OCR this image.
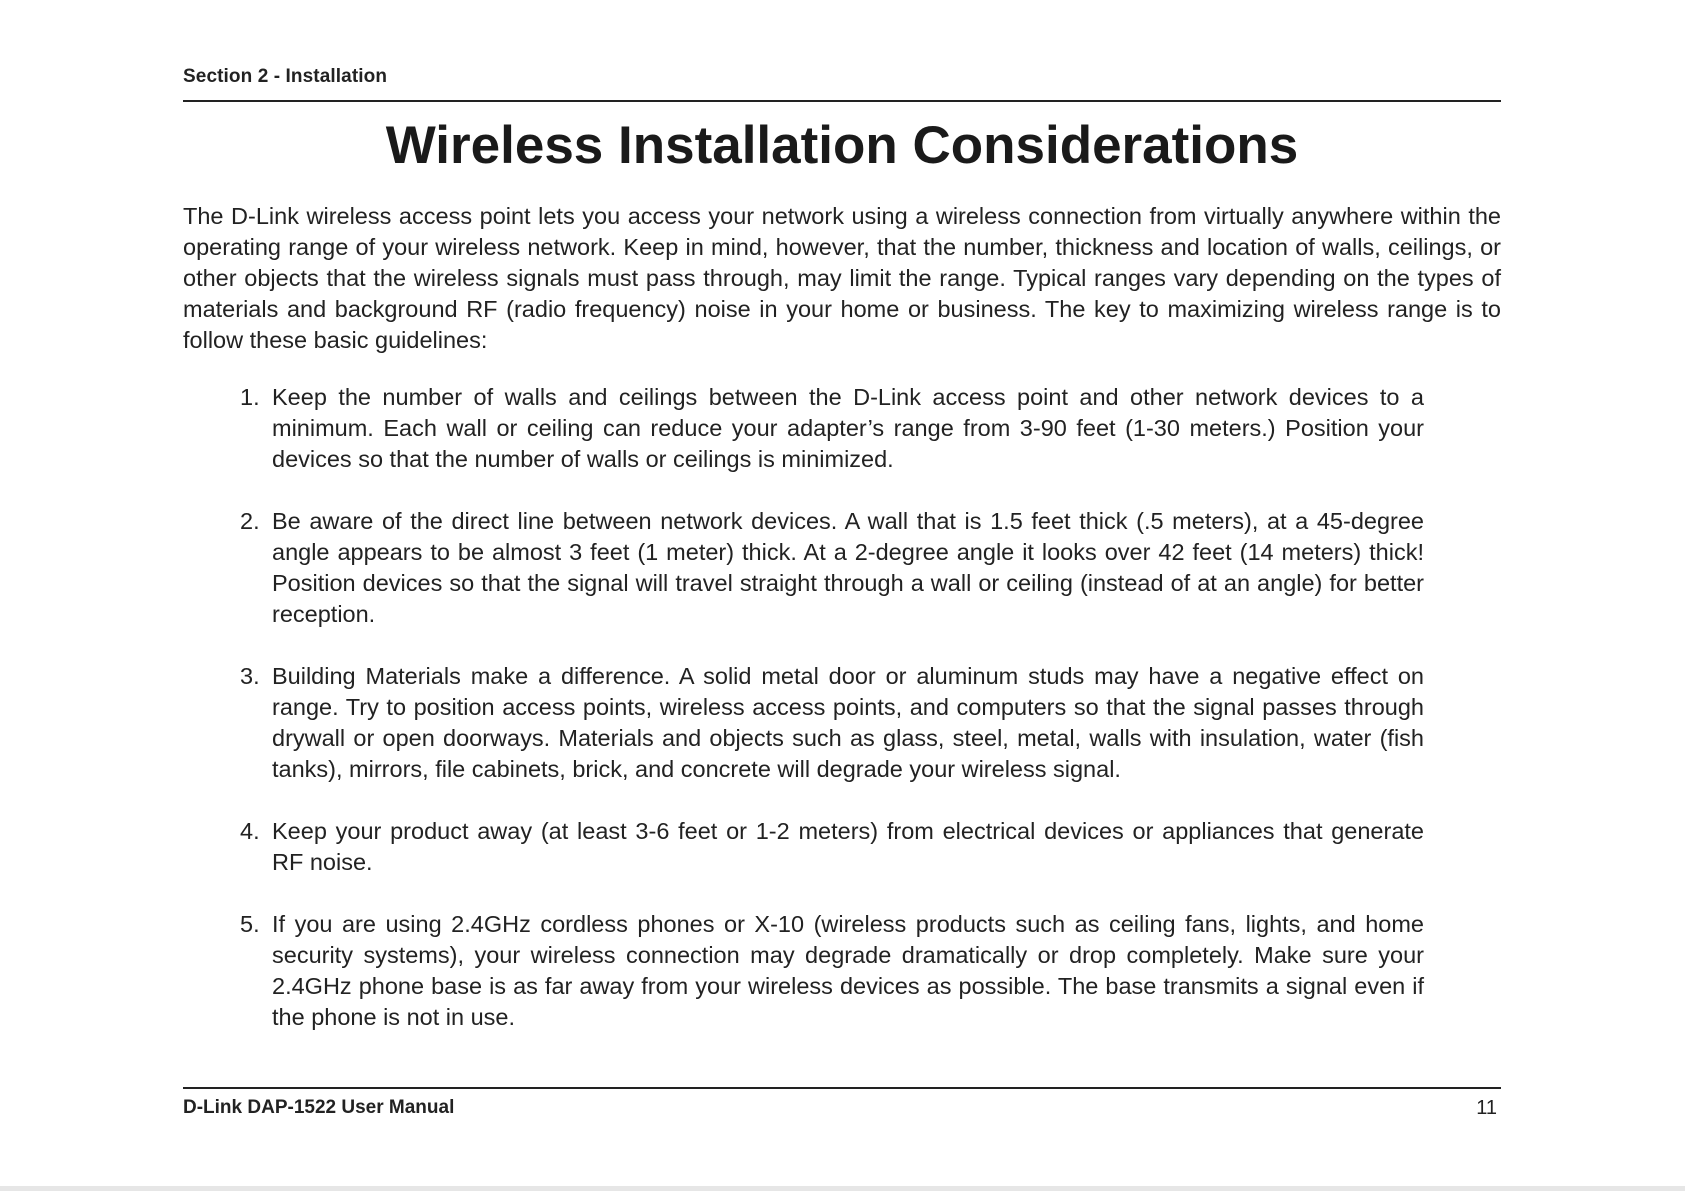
Section 2 - Installation
Wireless Installation Considerations

The D-Link wireless access point lets you access your network using a wireless connection from virtually anywhere within the operating range of your wireless network. Keep in mind, however, that the number, thickness and location of walls, ceilings, or other objects that the wireless signals must pass through, may limit the range. Typical ranges vary depending on the types of materials and background RF (radio frequency) noise in your home or business. The key to maximizing wireless range is to follow these basic guidelines:

1. Keep the number of walls and ceilings between the D-Link access point and other network devices to a minimum. Each wall or ceiling can reduce your adapter’s range from 3-90 feet (1-30 meters.) Position your devices so that the number of walls or ceilings is minimized.
2. Be aware of the direct line between network devices. A wall that is 1.5 feet thick (.5 meters), at a 45-degree angle appears to be almost 3 feet (1 meter) thick. At a 2-degree angle it looks over 42 feet (14 meters) thick! Position devices so that the signal will travel straight through a wall or ceiling (instead of at an angle) for better reception.
3. Building Materials make a difference. A solid metal door or aluminum studs may have a negative effect on range. Try to position access points, wireless access points, and computers so that the signal passes through drywall or open doorways. Materials and objects such as glass, steel, metal, walls with insulation, water (fish tanks), mirrors, file cabinets, brick, and concrete will degrade your wireless signal.
4. Keep your product away (at least 3-6 feet or 1-2 meters) from electrical devices or appliances that generate RF noise.
5. If you are using 2.4GHz cordless phones or X-10 (wireless products such as ceiling fans, lights, and home security systems), your wireless connection may degrade dramatically or drop completely. Make sure your 2.4GHz phone base is as far away from your wireless devices as possible. The base transmits a signal even if the phone is not in use.
D-Link DAP-1522 User Manual	11
